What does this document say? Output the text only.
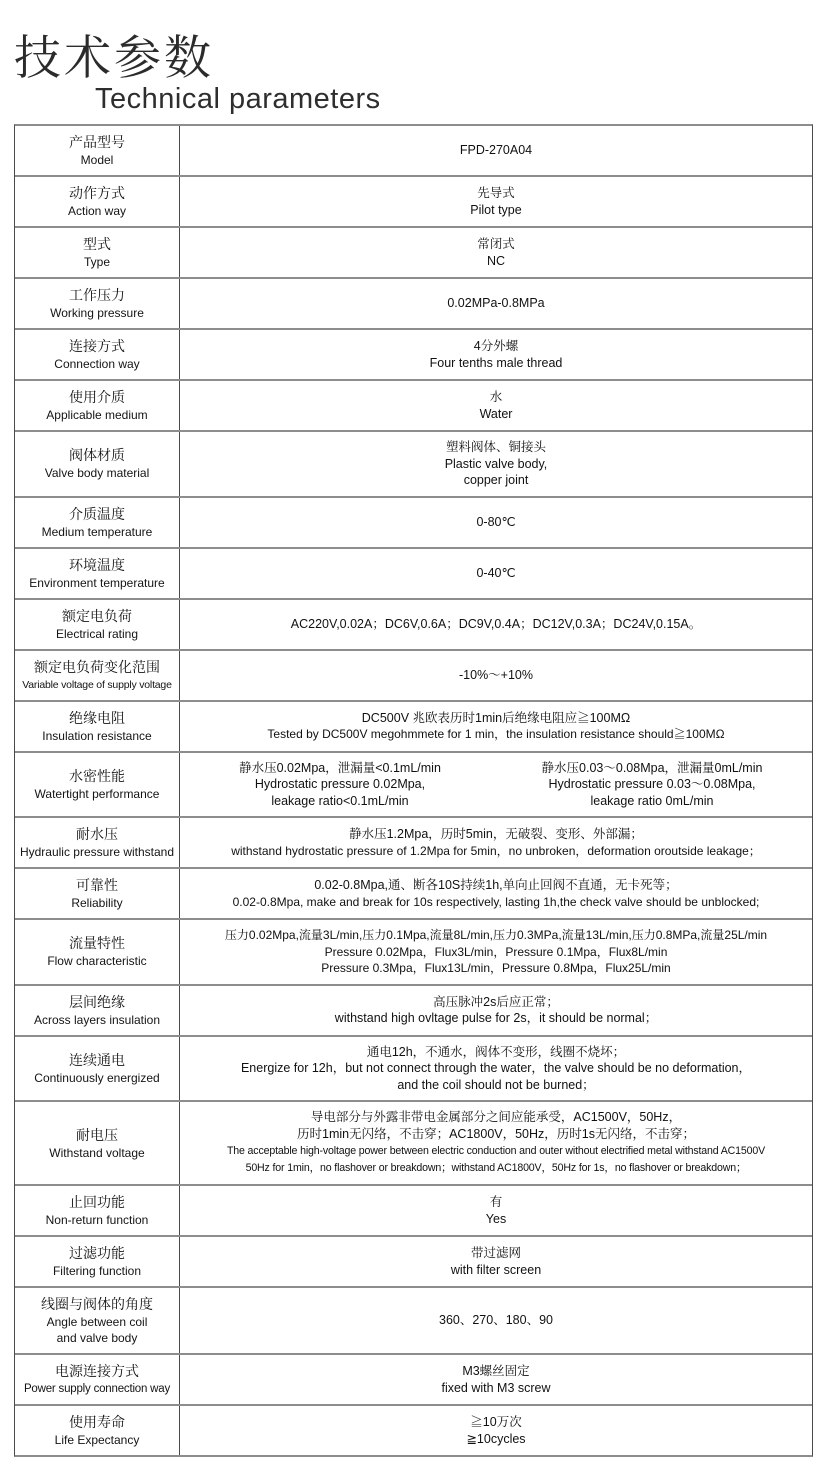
技术参数
Technical parameters
产品型号
Model
FPD-270A04
动作方式
Action way
先导式
Pilot type
型式
Type
常闭式
NC
工作压力
Working pressure
0.02MPa-0.8MPa
连接方式
Connection way
4分外螺
Four tenths male thread
使用介质
Applicable medium
水
Water
阀体材质
Valve body material
塑料阀体、铜接头
Plastic valve body,
copper joint
介质温度
Medium temperature
0-80℃
环境温度
Environment temperature
0-40℃
额定电负荷
Electrical rating
AC220V,0.02A；DC6V,0.6A；DC9V,0.4A；DC12V,0.3A；DC24V,0.15A。
额定电负荷变化范围
Variable voltage of supply voltage
-10%～+10%
绝缘电阻
Insulation resistance
DC500V 兆欧表历时1min后绝缘电阻应≧100MΩ
Tested by DC500V megohmmete for 1 min，the insulation resistance should≧100MΩ
水密性能
Watertight performance
静水压0.02Mpa，泄漏量<0.1mL/min
Hydrostatic pressure 0.02Mpa,
leakage ratio<0.1mL/min
静水压0.03～0.08Mpa，泄漏量0mL/min
Hydrostatic pressure 0.03～0.08Mpa,
leakage ratio 0mL/min
耐水压
Hydraulic pressure withstand
静水压1.2Mpa，历时5min，无破裂、变形、外部漏；
withstand hydrostatic pressure of 1.2Mpa for 5min，no unbroken，deformation oroutside leakage；
可靠性
Reliability
0.02-0.8Mpa,通、断各10S持续1h,单向止回阀不直通，无卡死等；
0.02-0.8Mpa, make and break for 10s respectively, lasting 1h,the check valve should be unblocked;
流量特性
Flow characteristic
压力0.02Mpa,流量3L/min,压力0.1Mpa,流量8L/min,压力0.3MPa,流量13L/min,压力0.8MPa,流量25L/min
Pressure 0.02Mpa，Flux3L/min，Pressure 0.1Mpa，Flux8L/min
Pressure 0.3Mpa，Flux13L/min，Pressure 0.8Mpa，Flux25L/min
层间绝缘
Across layers insulation
高压脉冲2s后应正常；
withstand high ovltage pulse for 2s，it should be normal；
连续通电
Continuously energized
通电12h，不通水，阀体不变形，线圈不烧坏；
Energize for 12h，but not connect through the water，the valve should be no deformation，
and the coil should not be burned；
耐电压
Withstand voltage
导电部分与外露非带电金属部分之间应能承受，AC1500V，50Hz，
历时1min无闪络，不击穿；AC1800V，50Hz，历时1s无闪络，不击穿；
The acceptable high-voltage power between electric conduction and outer without electrified metal withstand AC1500V
50Hz for 1min，no flashover or breakdown；withstand AC1800V，50Hz for 1s，no flashover or breakdown；
止回功能
Non-return function
有
Yes
过滤功能
Filtering function
带过滤网
with filter screen
线圈与阀体的角度
Angle between coil
and valve body
360、270、180、90
电源连接方式
Power supply connection way
M3螺丝固定
fixed with M3 screw
使用寿命
Life Expectancy
≧10万次
≧10cycles
